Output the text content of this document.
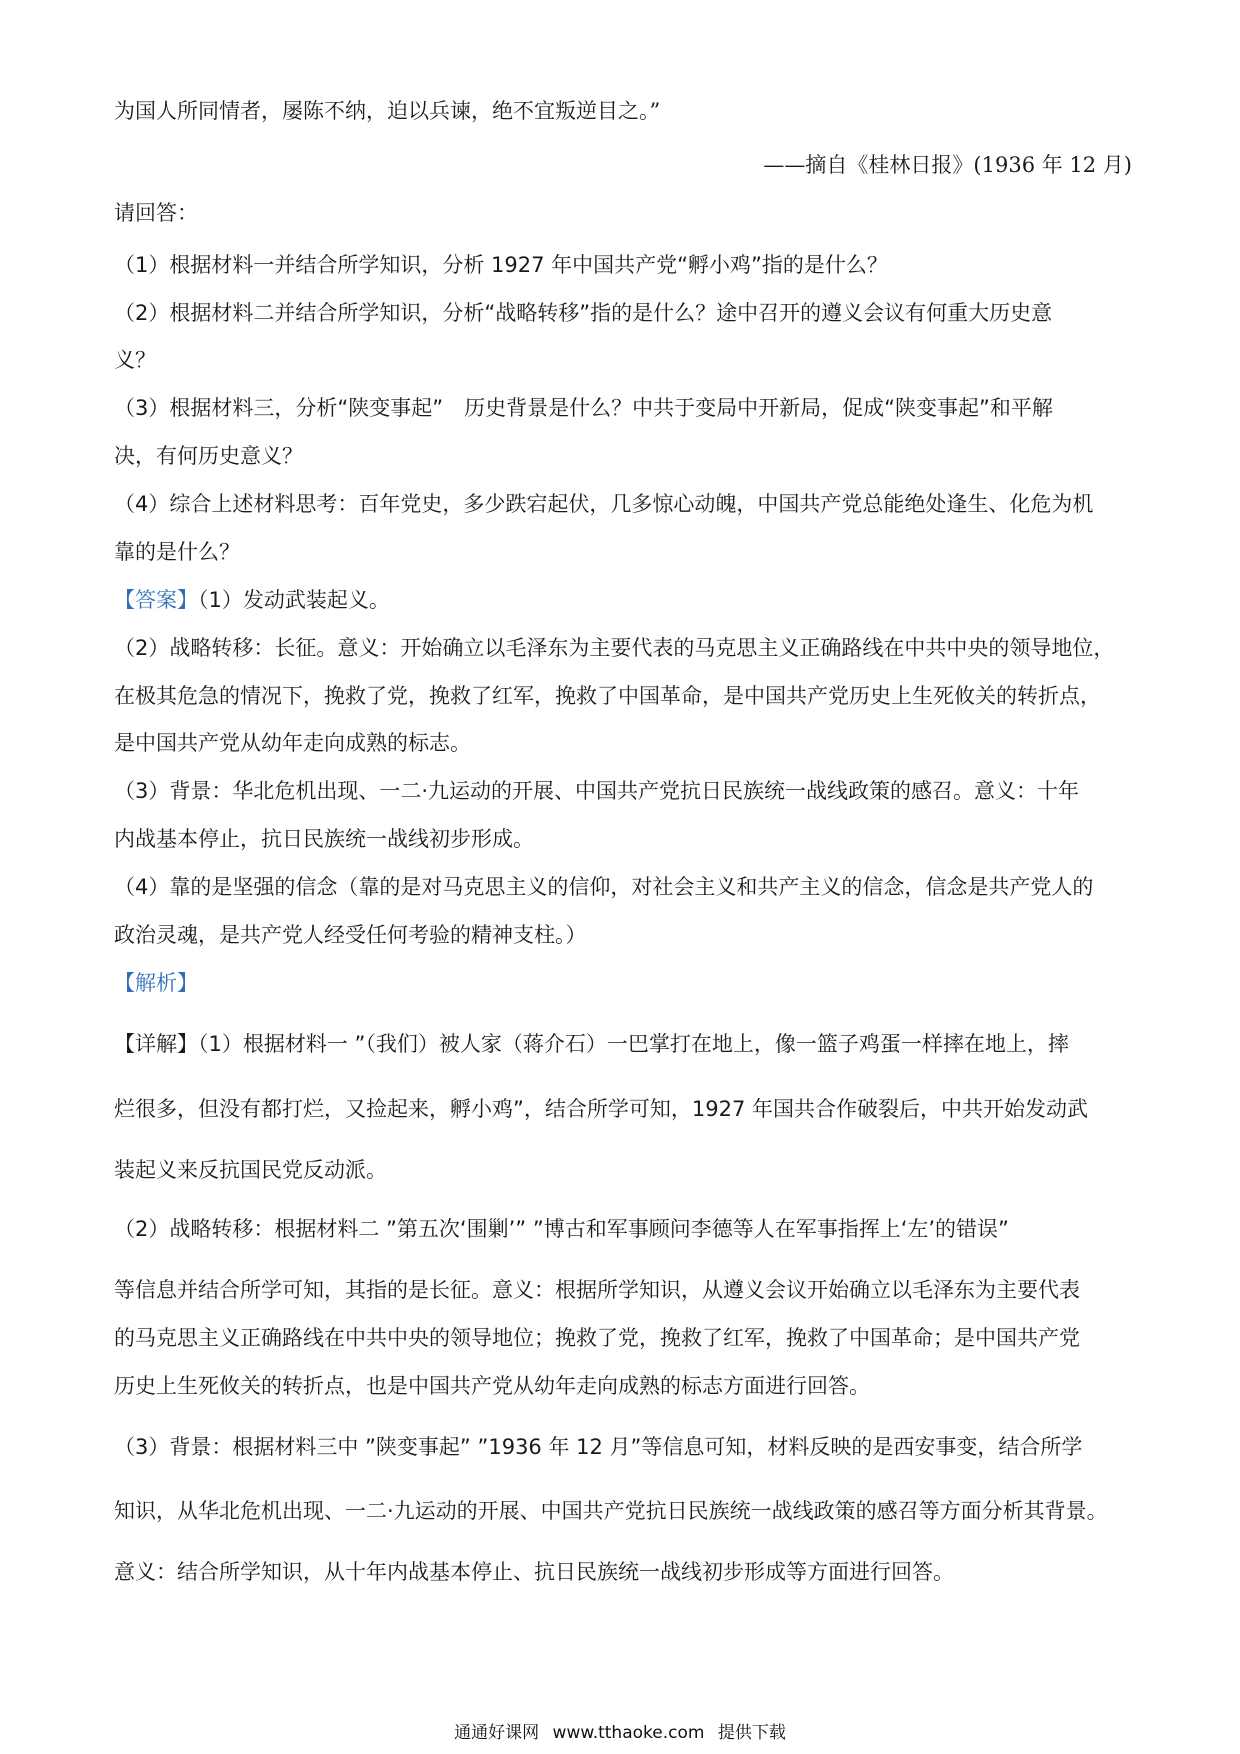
为国人所同情者，屡陈不纳，迫以兵谏，绝不宜叛逆目之。”
——摘自《桂林日报》(1936 年 12 月)
请回答：
（1）根据材料一并结合所学知识，分析 1927 年中国共产党“孵小鸡”指的是什么？
（2）根据材料二并结合所学知识，分析“战略转移”指的是什么？途中召开的遵义会议有何重大历史意
义？
（3）根据材料三，分析“陕变事起”　历史背景是什么？中共于变局中开新局，促成“陕变事起”和平解
决，有何历史意义？
（4）综合上述材料思考：百年党史，多少跌宕起伏，几多惊心动魄，中国共产党总能绝处逢生、化危为机
靠的是什么？
【答案】（1）发动武装起义。
（2）战略转移：长征。意义：开始确立以毛泽东为主要代表的马克思主义正确路线在中共中央的领导地位，
在极其危急的情况下，挽救了党，挽救了红军，挽救了中国革命，是中国共产党历史上生死攸关的转折点，
是中国共产党从幼年走向成熟的标志。
（3）背景：华北危机出现、一二·九运动的开展、中国共产党抗日民族统一战线政策的感召。意义：十年
内战基本停止，抗日民族统一战线初步形成。
（4）靠的是坚强的信念（靠的是对马克思主义的信仰，对社会主义和共产主义的信念，信念是共产党人的
政治灵魂，是共产党人经受任何考验的精神支柱。）
【解析】
【详解】（1）根据材料一 ”（我们）被人家（蒋介石）一巴掌打在地上，像一篮子鸡蛋一样摔在地上，摔
烂很多，但没有都打烂，又捡起来，孵小鸡”，结合所学可知，1927 年国共合作破裂后，中共开始发动武
装起义来反抗国民党反动派。
（2）战略转移：根据材料二 ”第五次‘围剿’” ”博古和军事顾问李德等人在军事指挥上‘左’的错误”
等信息并结合所学可知，其指的是长征。意义：根据所学知识，从遵义会议开始确立以毛泽东为主要代表
的马克思主义正确路线在中共中央的领导地位；挽救了党，挽救了红军，挽救了中国革命；是中国共产党
历史上生死攸关的转折点，也是中国共产党从幼年走向成熟的标志方面进行回答。
（3）背景：根据材料三中 ”陕变事起” ”1936 年 12 月”等信息可知，材料反映的是西安事变，结合所学
知识，从华北危机出现、一二·九运动的开展、中国共产党抗日民族统一战线政策的感召等方面分析其背景。
意义：结合所学知识，从十年内战基本停止、抗日民族统一战线初步形成等方面进行回答。
通通好课网 www.tthaoke.com 提供下载
